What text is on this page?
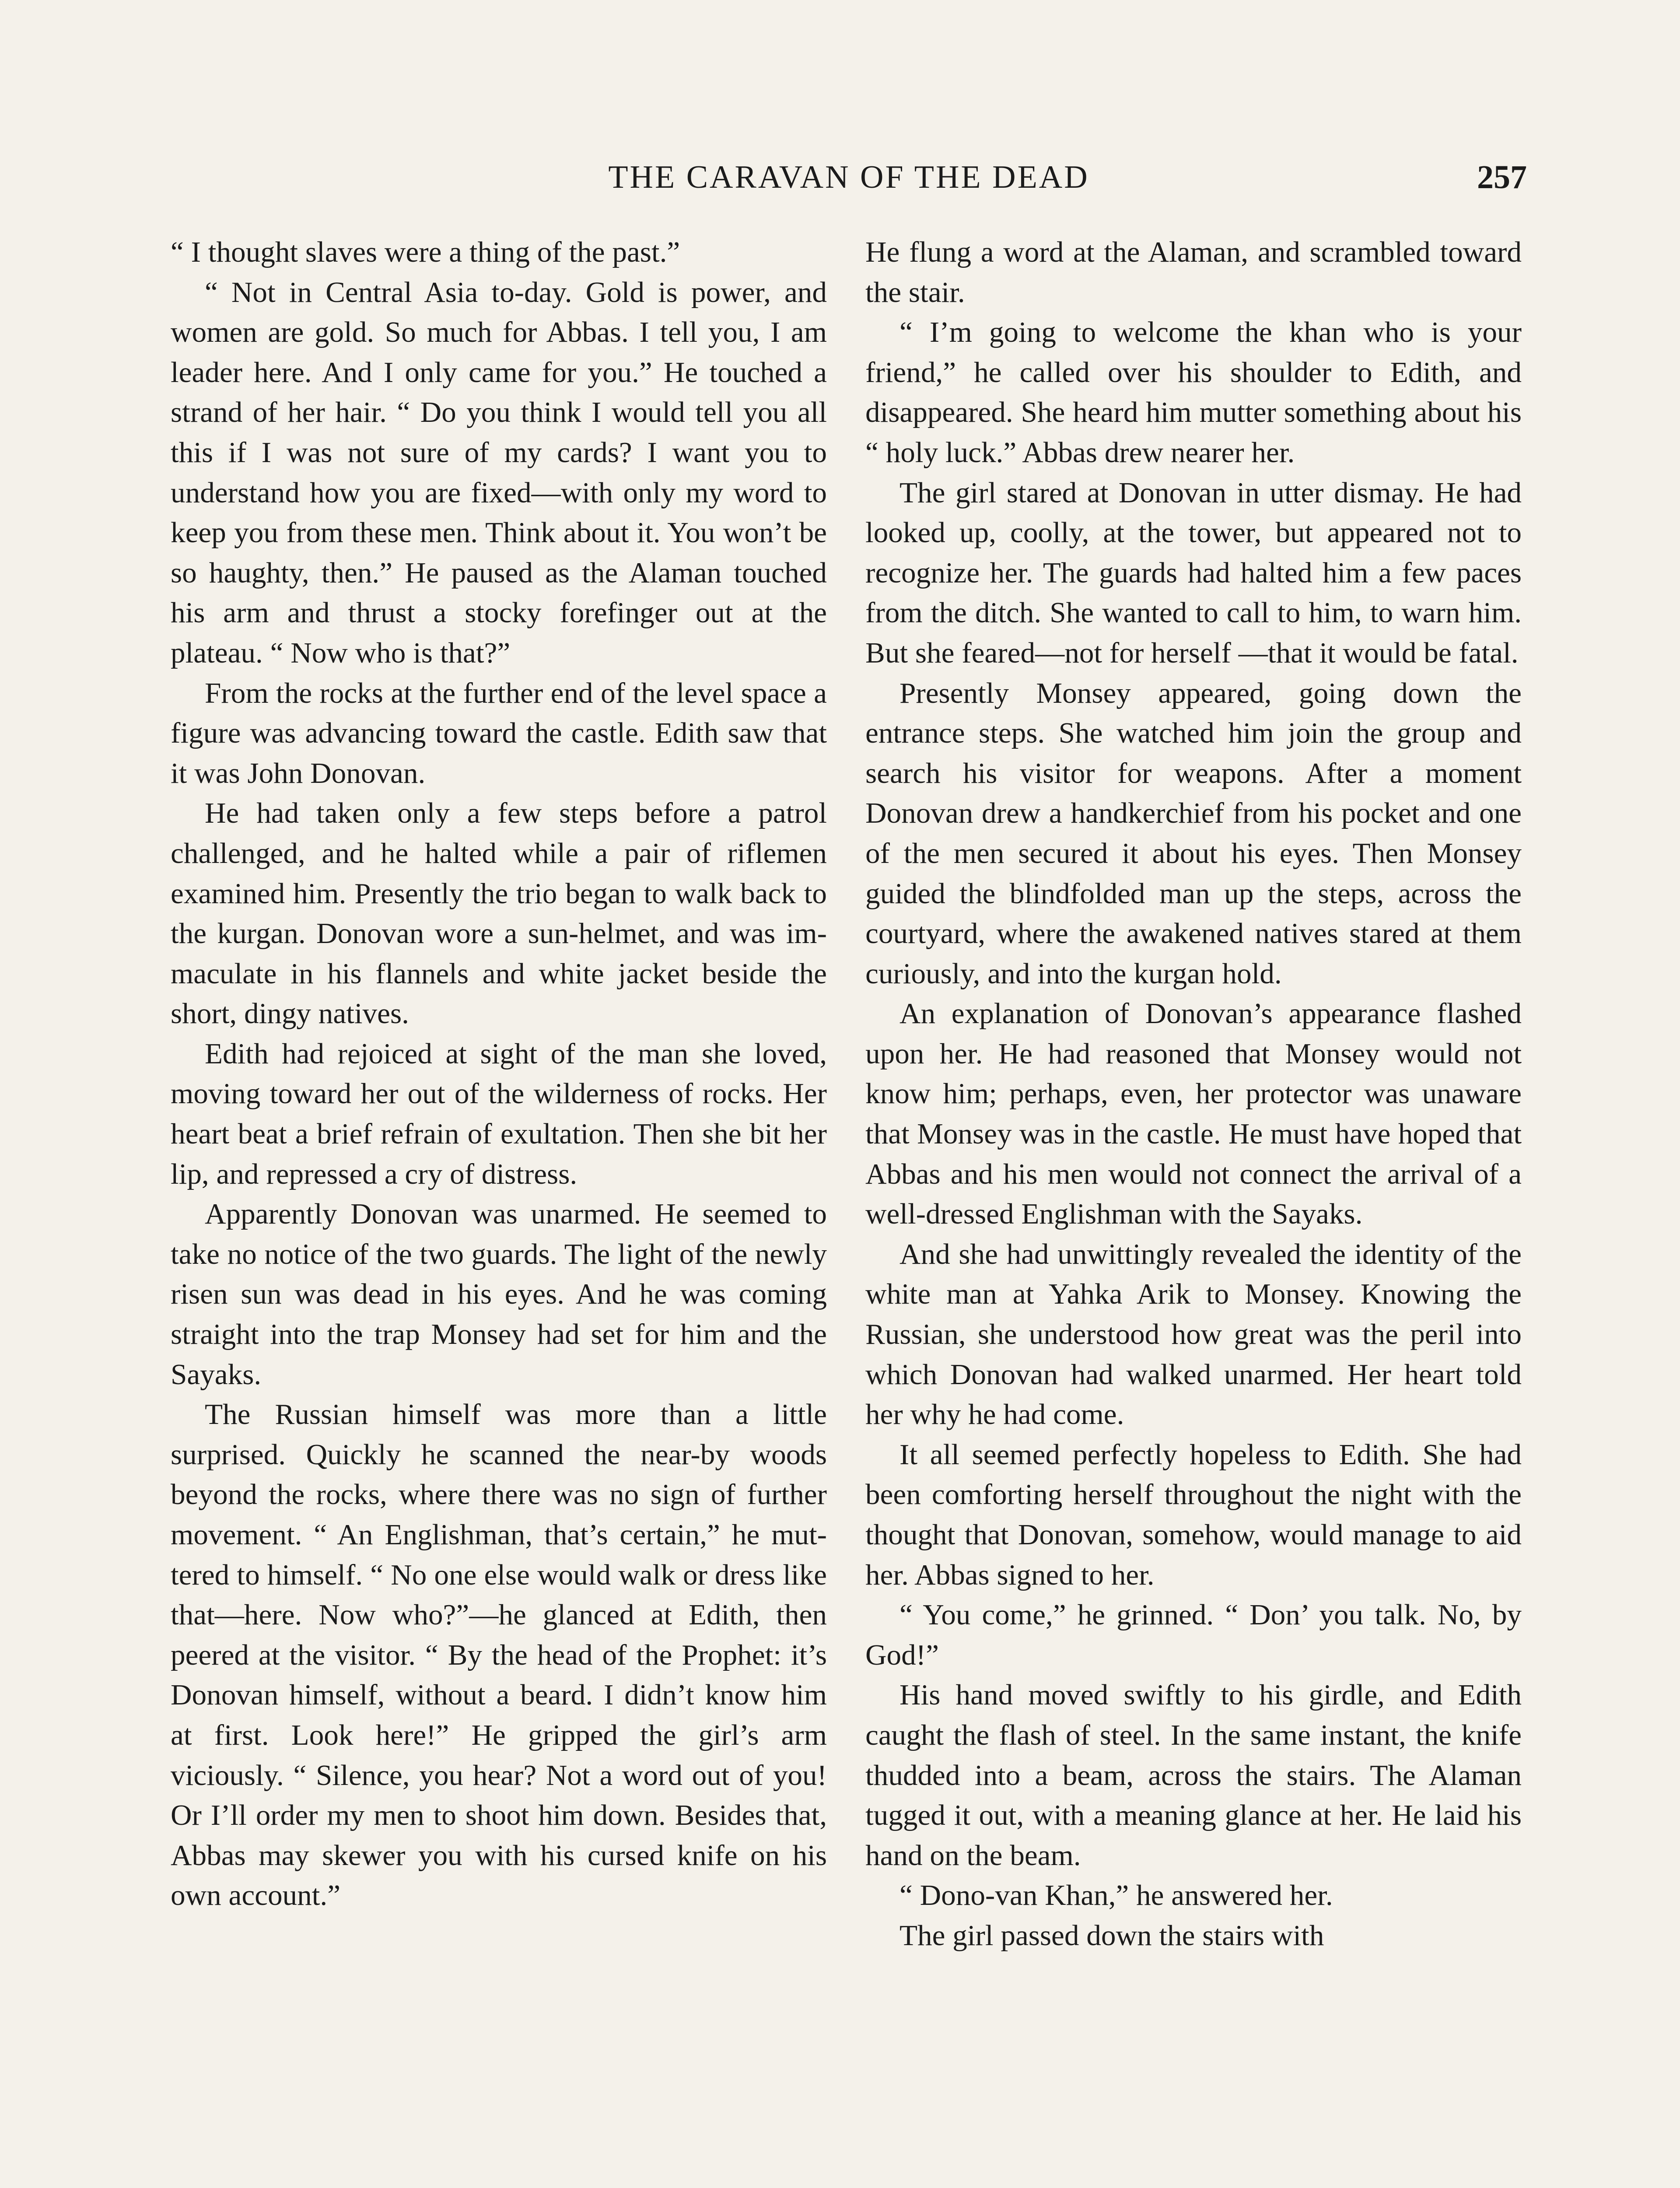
THE CARAVAN OF THE DEAD	257

“ I thought slaves were a thing of the past.”

“ Not in Central Asia to-day. Gold is power, and women are gold. So much for Abbas. I tell you, I am leader here. And I only came for you.” He touched a strand of her hair. “ Do you think I would tell you all this if I was not sure of my cards? I want you to understand how you are fixed—with only my word to keep you from these men. Think about it. You won’t be so haughty, then.” He paused as the Alaman touched his arm and thrust a stocky forefinger out at the plateau. “ Now who is that?”

From the rocks at the further end of the level space a figure was advancing toward the castle. Edith saw that it was John Donovan.

He had taken only a few steps before a patrol challenged, and he halted while a pair of riflemen examined him. Presently the trio began to walk back to the kurgan. Donovan wore a sun-helmet, and was immaculate in his flannels and white jacket beside the short, dingy natives.

Edith had rejoiced at sight of the man she loved, moving toward her out of the wilderness of rocks. Her heart beat a brief refrain of exultation. Then she bit her lip, and repressed a cry of distress.

Apparently Donovan was unarmed. He seemed to take no notice of the two guards. The light of the newly risen sun was dead in his eyes. And he was coming straight into the trap Monsey had set for him and the Sayaks.

The Russian himself was more than a little surprised. Quickly he scanned the near-by woods beyond the rocks, where there was no sign of further movement. “ An Englishman, that’s certain,” he muttered to himself. “ No one else would walk or dress like that—here. Now who?”—he glanced at Edith, then peered at the visitor. “ By the head of the Prophet: it’s Donovan himself, without a beard. I didn’t know him at first. Look here!” He gripped the girl’s arm viciously. “ Silence, you hear? Not a word out of you! Or I’ll order my men to shoot him down. Besides that, Abbas may skewer you with his cursed knife on his own account.”

He flung a word at the Alaman, and scrambled toward the stair.

“ I’m going to welcome the khan who is your friend,” he called over his shoulder to Edith, and disappeared. She heard him mutter something about his “ holy luck.” Abbas drew nearer her.

The girl stared at Donovan in utter dismay. He had looked up, coolly, at the tower, but appeared not to recognize her. The guards had halted him a few paces from the ditch. She wanted to call to him, to warn him. But she feared—not for herself —that it would be fatal.

Presently Monsey appeared, going down the entrance steps. She watched him join the group and search his visitor for weapons. After a moment Donovan drew a handkerchief from his pocket and one of the men secured it about his eyes. Then Monsey guided the blindfolded man up the steps, across the courtyard, where the awakened natives stared at them curiously, and into the kurgan hold.

An explanation of Donovan’s appearance flashed upon her. He had reasoned that Monsey would not know him; perhaps, even, her protector was unaware that Monsey was in the castle. He must have hoped that Abbas and his men would not connect the arrival of a well-dressed Englishman with the Sayaks.

And she had unwittingly revealed the identity of the white man at Yahka Arik to Monsey. Knowing the Russian, she understood how great was the peril into which Donovan had walked unarmed. Her heart told her why he had come.

It all seemed perfectly hopeless to Edith. She had been comforting herself throughout the night with the thought that Donovan, somehow, would manage to aid her. Abbas signed to her.

“ You come,” he grinned. “ Don’ you talk. No, by God!”

His hand moved swiftly to his girdle, and Edith caught the flash of steel. In the same instant, the knife thudded into a beam, across the stairs. The Alaman tugged it out, with a meaning glance at her. He laid his hand on the beam.

“ Dono-van Khan,” he answered her.

The girl passed down the stairs with
